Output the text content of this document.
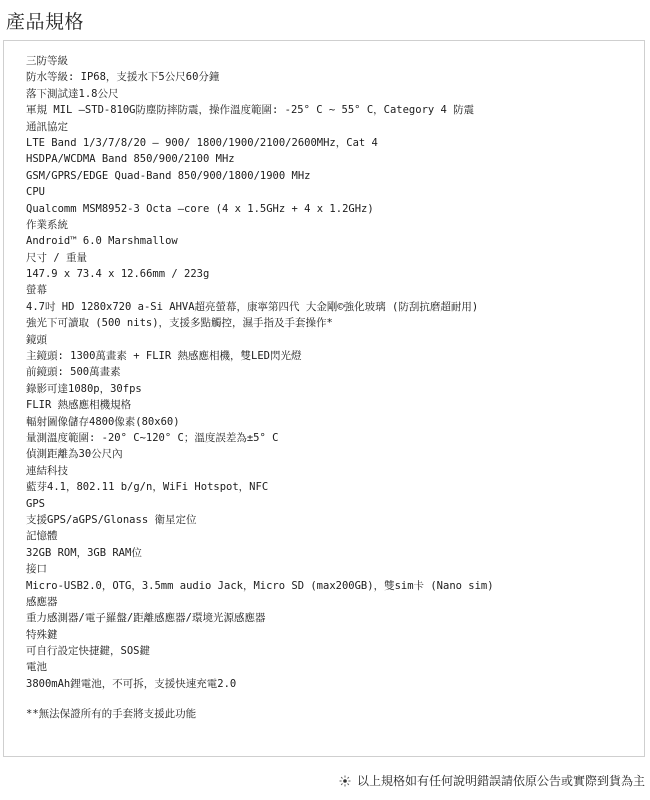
產品規格
三防等級
防水等級: IP68，支援水下5公尺60分鐘
落下測試達1.8公尺
軍規 MIL —STD-810G防塵防摔防震，操作溫度範圍: -25° C ~ 55° C，Category 4 防震
通訊協定
LTE Band 1/3/7/8/20 — 900/ 1800/1900/2100/2600MHz，Cat 4
HSDPA/WCDMA Band 850/900/2100 MHz
GSM/GPRS/EDGE Quad-Band 850/900/1800/1900 MHz
CPU
Qualcomm MSM8952-3 Octa —core (4 x 1.5GHz + 4 x 1.2GHz)
作業系統
Android™ 6.0 Marshmallow
尺寸 / 重量
147.9 x 73.4 x 12.66mm / 223g
螢幕
4.7吋 HD 1280x720 a-Si AHVA超亮螢幕，康寧第四代 大金剛©強化玻璃 (防刮抗磨超耐用)
強光下可讀取 (500 nits)，支援多點觸控，濕手指及手套操作*
鏡頭
主鏡頭: 1300萬畫素 + FLIR 熱感應相機，雙LED閃光燈
前鏡頭: 500萬畫素
錄影可達1080p，30fps
FLIR 熱感應相機規格
輻射圖像儲存4800像素(80x60)
量測溫度範圍: -20° C~120° C；溫度誤差為±5° C
偵測距離為30公尺內
連結科技
藍芽4.1，802.11 b/g/n，WiFi Hotspot，NFC
GPS
支援GPS/aGPS/Glonass 衛星定位
記憶體
32GB ROM，3GB RAM位
接口
Micro-USB2.0，OTG，3.5mm audio Jack，Micro SD (max200GB)，雙sim卡 (Nano sim)
感應器
重力感測器/電子羅盤/距離感應器/環境光源感應器
特殊鍵
可自行設定快捷鍵，SOS鍵
電池
3800mAh鋰電池，不可拆，支援快速充電2.0
**無法保證所有的手套將支援此功能
以上規格如有任何說明錯誤請依原公告或實際到貨為主
